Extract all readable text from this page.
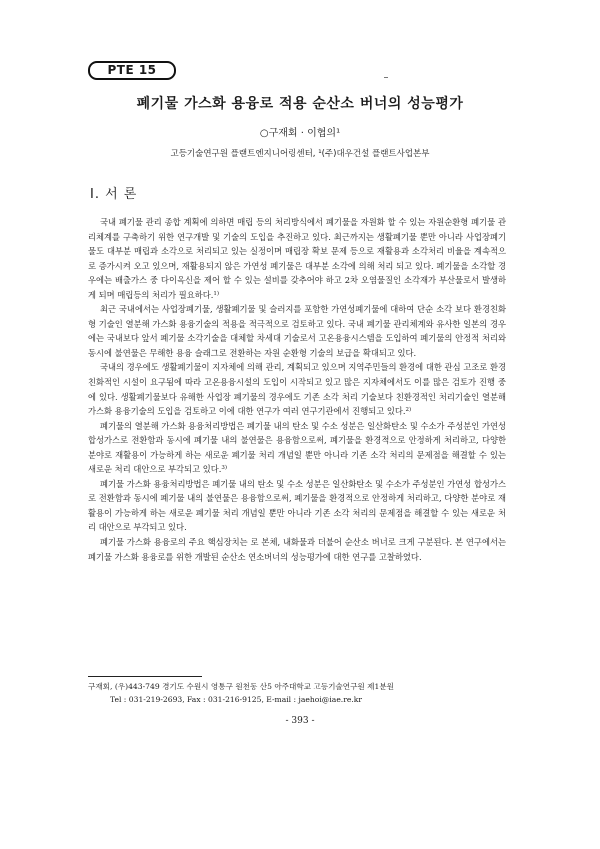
PTE 15
폐기물 가스화 용융로 적용 순산소 버너의 성능평가
○구재회 · 이협의¹
고등기술연구원 플랜트엔지니어링센터, ¹(주)대우건설 플랜트사업본부
Ⅰ. 서 론

국내 폐기물 관리 종합 계획에 의하면 매립 등의 처리방식에서 폐기물을 자원화 할 수 있는 자원순환형 폐기물 관리체계를 구축하기 위한 연구개발 및 기술의 도입을 추진하고 있다. 최근까지는 생활폐기물 뿐만 아니라 사업장폐기물도 대부분 매립과 소각으로 처리되고 있는 실정이며 매립장 확보 문제 등으로 재활용과 소각처리 비율을 계속적으로 증가시켜 오고 있으며, 재활용되지 않은 가연성 폐기물은 대부분 소각에 의해 처리 되고 있다. 폐기물을 소각할 경우에는 배출가스 중 다이옥신을 제어 할 수 있는 설비를 갖추어야 하고 2차 오염물질인 소각재가 부산물로서 발생하게 되며 매립등의 처리가 필요하다.$^{1)}$

최근 국내에서는 사업장폐기물, 생활폐기물 및 슬러지를 포함한 가연성폐기물에 대하여 단순 소각 보다 환경친화형 기술인 열분해 가스화 용융기술의 적용을 적극적으로 검토하고 있다. 국내 폐기물 관리체계와 유사한 일본의 경우에는 국내보다 앞서 폐기물 소각기술을 대체할 차세대 기술로서 고온용융시스템을 도입하여 폐기물의 안정적 처리와 동시에 불연물은 무해한 용융 슬래그로 전환하는 자원 순환형 기술의 보급을 확대되고 있다.

국내의 경우에도 생활폐기물이 지자체에 의해 관리, 계획되고 있으며 지역주민들의 환경에 대한 관심 고조로 환경친화적인 시설이 요구됨에 따라 고온용융시설의 도입이 시작되고 있고 많은 지자체에서도 이를 많은 검토가 진행 중에 있다. 생활폐기물보다 유해한 사업장 폐기물의 경우에도 기존 소각 처리 기술보다 친환경적인 처리기술인 열분해 가스화 용융기술의 도입을 검토하고 이에 대한 연구가 여러 연구기관에서 진행되고 있다.$^{2)}$

폐기물의 열분해 가스화 용융처리방법은 폐기물 내의 탄소 및 수소 성분은 일산화탄소 및 수소가 주성분인 가연성 합성가스로 전환함과 동시에 폐기물 내의 불연물은 용융함으로써, 폐기물을 환경적으로 안정하게 처리하고, 다양한 분야로 재활용이 가능하게 하는 새로운 폐기물 처리 개념일 뿐만 아니라 기존 소각 처리의 문제점을 해결할 수 있는 새로운 처리 대안으로 부각되고 있다.$^{3)}$

폐기물 가스화 용융처리방법은 폐기물 내의 탄소 및 수소 성분은 일산화탄소 및 수소가 주성분인 가연성 합성가스로 전환함과 동시에 폐기물 내의 불연물은 용융함으로써, 폐기물을 환경적으로 안정하게 처리하고, 다양한 분야로 재활용이 가능하게 하는 새로운 폐기물 처리 개념일 뿐만 아니라 기존 소각 처리의 문제점을 해결할 수 있는 새로운 처리 대안으로 부각되고 있다.

폐기물 가스화 용융로의 주요 핵심장치는 로 본체, 내화물과 더불어 순산소 버너로 크게 구분된다. 본 연구에서는 폐기물 가스화 용융로를 위한 개발된 순산소 연소버너의 성능평가에 대한 연구를 고찰하였다.

구재회, (우)443-749 경기도 수원시 영통구 원천동 산5 아주대학교 고등기술연구원 제1분원
Tel : 031-219-2693, Fax : 031-216-9125, E-mail : jaehoi@iae.re.kr
- 393 -
